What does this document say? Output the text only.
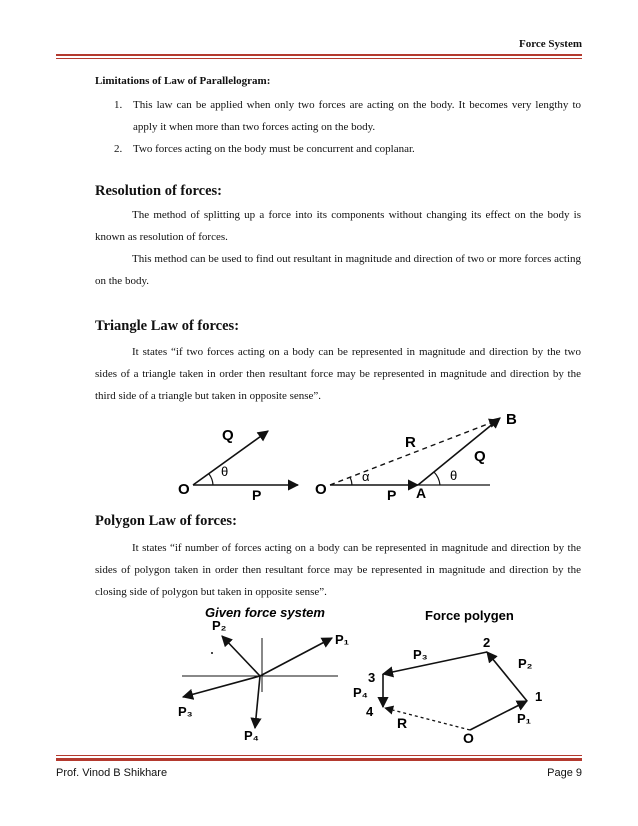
Force System
Limitations of Law of Parallelogram:
1. This law can be applied when only two forces are acting on the body. It becomes very lengthy to apply it when more than two forces acting on the body.
2. Two forces acting on the body must be concurrent and coplanar.
Resolution of forces:

The method of splitting up a force into its components without changing its effect on the body is known as resolution of forces.

This method can be used to find out resultant in magnitude and direction of two or more forces acting on the body.

Triangle Law of forces:

It states “if two forces acting on a body can be represented in magnitude and direction by the two sides of a triangle taken in order then resultant force may be represented in magnitude and direction by the third side of a triangle but taken in opposite sense”.

Q
θ
O	P	O	P A
B
R
Q
α	θ
Polygon Law of forces:

It states “if number of forces acting on a body can be represented in magnitude and direction by the sides of polygon taken in order then resultant force may be represented in magnitude and direction by the closing side of polygon but taken in opposite sense”.

Given force system	Force polygen
P₁
P₂
P₃
P₄
1
2
3
4
O
P₁
P₂
P₃
P₄
R
Prof. Vinod B Shikhare	Page 9
